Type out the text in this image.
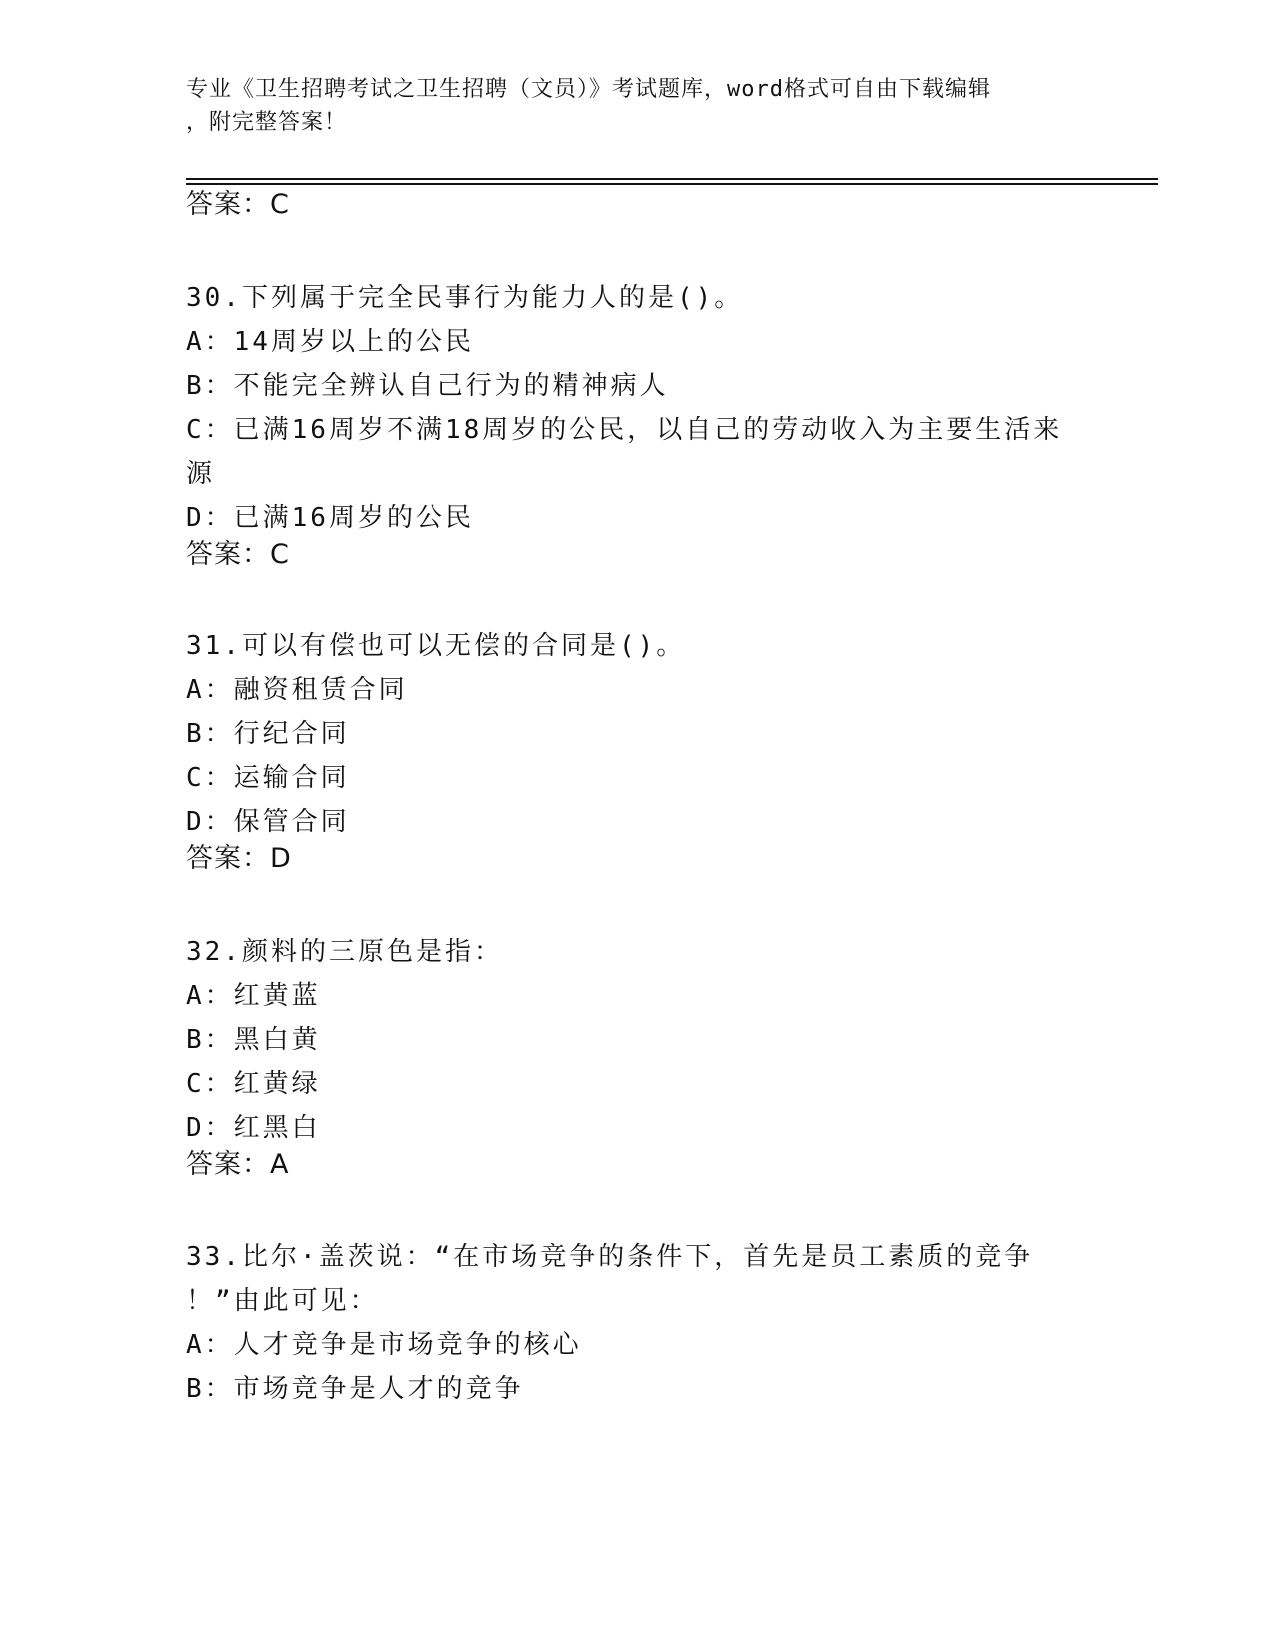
专业《卫生招聘考试之卫生招聘（文员）》考试题库，word格式可自由下载编辑
，附完整答案！
答案：C
30.下列属于完全民事行为能力人的是()。
A：14周岁以上的公民
B：不能完全辨认自己行为的精神病人
C：已满16周岁不满18周岁的公民，以自己的劳动收入为主要生活来
源
D：已满16周岁的公民
答案：C
31.可以有偿也可以无偿的合同是()。
A：融资租赁合同
B：行纪合同
C：运输合同
D：保管合同
答案：D
32.颜料的三原色是指：
A：红黄蓝
B：黑白黄
C：红黄绿
D：红黑白
答案：A
33.比尔·盖茨说：“在市场竞争的条件下，首先是员工素质的竞争
！”由此可见：
A：人才竞争是市场竞争的核心
B：市场竞争是人才的竞争
